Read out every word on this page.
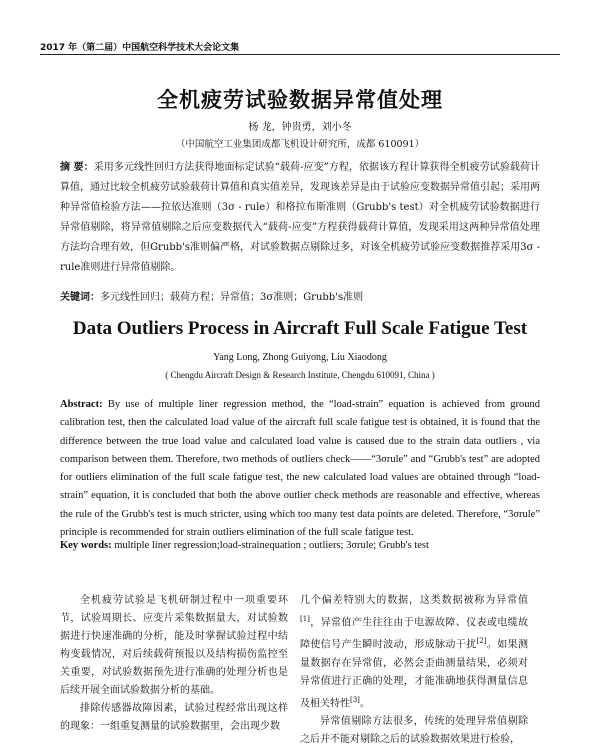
2017 年（第二届）中国航空科学技术大会论文集
全机疲劳试验数据异常值处理
杨 龙，钟贵勇，刘小冬
（中国航空工业集团成都飞机设计研究所，成都 610091）
摘 要：采用多元线性回归方法获得地面标定试验“载荷-应变”方程，依据该方程计算获得全机疲劳试验载荷计算值，通过比较全机疲劳试验载荷计算值和真实值差异，发现该差异是由于试验应变数据异常值引起；采用两种异常值检验方法——拉依达准则（3σ - rule）和格拉布斯准则（Grubb's test）对全机疲劳试验数据进行异常值剔除，将异常值剔除之后应变数据代入“载荷-应变”方程获得载荷计算值，发现采用这两种异常值处理方法均合理有效，但Grubb's准则偏严格，对试验数据点剔除过多，对该全机疲劳试验应变数据推荐采用3σ - rule准则进行异常值剔除。
关键词：多元线性回归；载荷方程；异常值；3σ准则；Grubb's准则
Data Outliers Process in Aircraft Full Scale Fatigue Test
Yang Long, Zhong Guiyong, Liu Xiaodong
( Chengdu Aircraft Design & Research Institute, Chengdu 610091, China )
Abstract: By use of multiple liner regression method, the “load-strain” equation is achieved from ground calibration test, then the calculated load value of the aircraft full scale fatigue test is obtained, it is found that the difference between the true load value and calculated load value is caused due to the strain data outliers , via comparison between them. Therefore, two methods of outliers check——“3σrule” and “Grubb's test” are adopted for outliers elimination of the full scale fatigue test, the new calculated load values are obtained through “load-strain” equation, it is concluded that both the above outlier check methods are reasonable and effective, whereas the rule of the Grubb's test is much stricter, using which too many test data points are deleted. Therefore, “3σrule” principle is recommended for strain outliers elimination of the full scale fatigue test.
Key words: multiple liner regression;load-strainequation ; outliers; 3σrule; Grubb's test

全机疲劳试验是飞机研制过程中一项重要环节，试验周期长、应变片采集数据量大，对试验数据进行快速准确的分析，能及时掌握试验过程中结构变载情况，对后续载荷预报以及结构损伤监控至关重要，对试验数据预先进行准确的处理分析也是后续开展全面试验数据分析的基础。

排除传感器故障因素，试验过程经常出现这样的现象：一组重复测量的试验数据里，会出现少数

几个偏差特别大的数据，这类数据被称为异常值[1]，异常值产生往往由于电源故障、仪表或电缆故障使信号产生瞬时波动，形成脉动干扰[2]。如果测量数据存在异常值，必然会歪曲测量结果，必须对异常值进行正确的处理，才能准确地获得测量信息及相关特性[3]。

异常值剔除方法很多，传统的处理异常值剔除之后并不能对剔除之后的试验数据效果进行检验，
